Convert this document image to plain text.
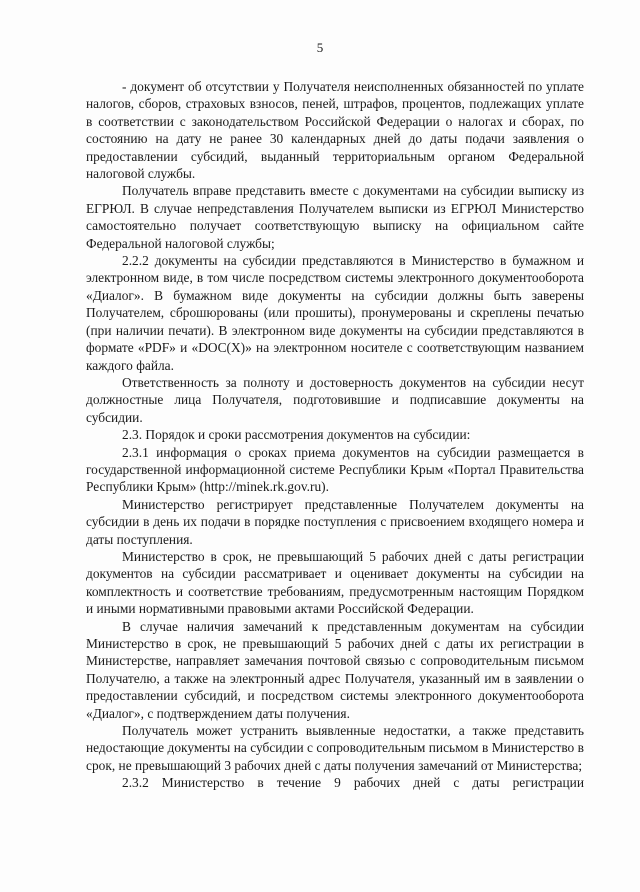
5

- документ об отсутствии у Получателя неисполненных обязанностей по уплате налогов, сборов, страховых взносов, пеней, штрафов, процентов, подлежащих уплате в соответствии с законодательством Российской Федерации о налогах и сборах, по состоянию на дату не ранее 30 календарных дней до даты подачи заявления о предоставлении субсидий, выданный территориальным органом Федеральной налоговой службы.

Получатель вправе представить вместе с документами на субсидии выписку из ЕГРЮЛ. В случае непредставления Получателем выписки из ЕГРЮЛ Министерство самостоятельно получает соответствующую выписку на официальном сайте Федеральной налоговой службы;

2.2.2 документы на субсидии представляются в Министерство в бумажном и электронном виде, в том числе посредством системы электронного документооборота «Диалог». В бумажном виде документы на субсидии должны быть заверены Получателем, сброшюрованы (или прошиты), пронумерованы и скреплены печатью (при наличии печати). В электронном виде документы на субсидии представляются в формате «PDF» и «DOC(X)» на электронном носителе с соответствующим названием каждого файла.

Ответственность за полноту и достоверность документов на субсидии несут должностные лица Получателя, подготовившие и подписавшие документы на субсидии.

2.3. Порядок и сроки рассмотрения документов на субсидии:

2.3.1 информация о сроках приема документов на субсидии размещается в государственной информационной системе Республики Крым «Портал Правительства Республики Крым» (http://minek.rk.gov.ru).

Министерство регистрирует представленные Получателем документы на субсидии в день их подачи в порядке поступления с присвоением входящего номера и даты поступления.

Министерство в срок, не превышающий 5 рабочих дней с даты регистрации документов на субсидии рассматривает и оценивает документы на субсидии на комплектность и соответствие требованиям, предусмотренным настоящим Порядком и иными нормативными правовыми актами Российской Федерации.

В случае наличия замечаний к представленным документам на субсидии Министерство в срок, не превышающий 5 рабочих дней с даты их регистрации в Министерстве, направляет замечания почтовой связью с сопроводительным письмом Получателю, а также на электронный адрес Получателя, указанный им в заявлении о предоставлении субсидий, и посредством системы электронного документооборота «Диалог», с подтверждением даты получения.

Получатель может устранить выявленные недостатки, а также представить недостающие документы на субсидии с сопроводительным письмом в Министерство в срок, не превышающий 3 рабочих дней с даты получения замечаний от Министерства;

2.3.2 Министерство в течение 9 рабочих дней с даты регистрации
